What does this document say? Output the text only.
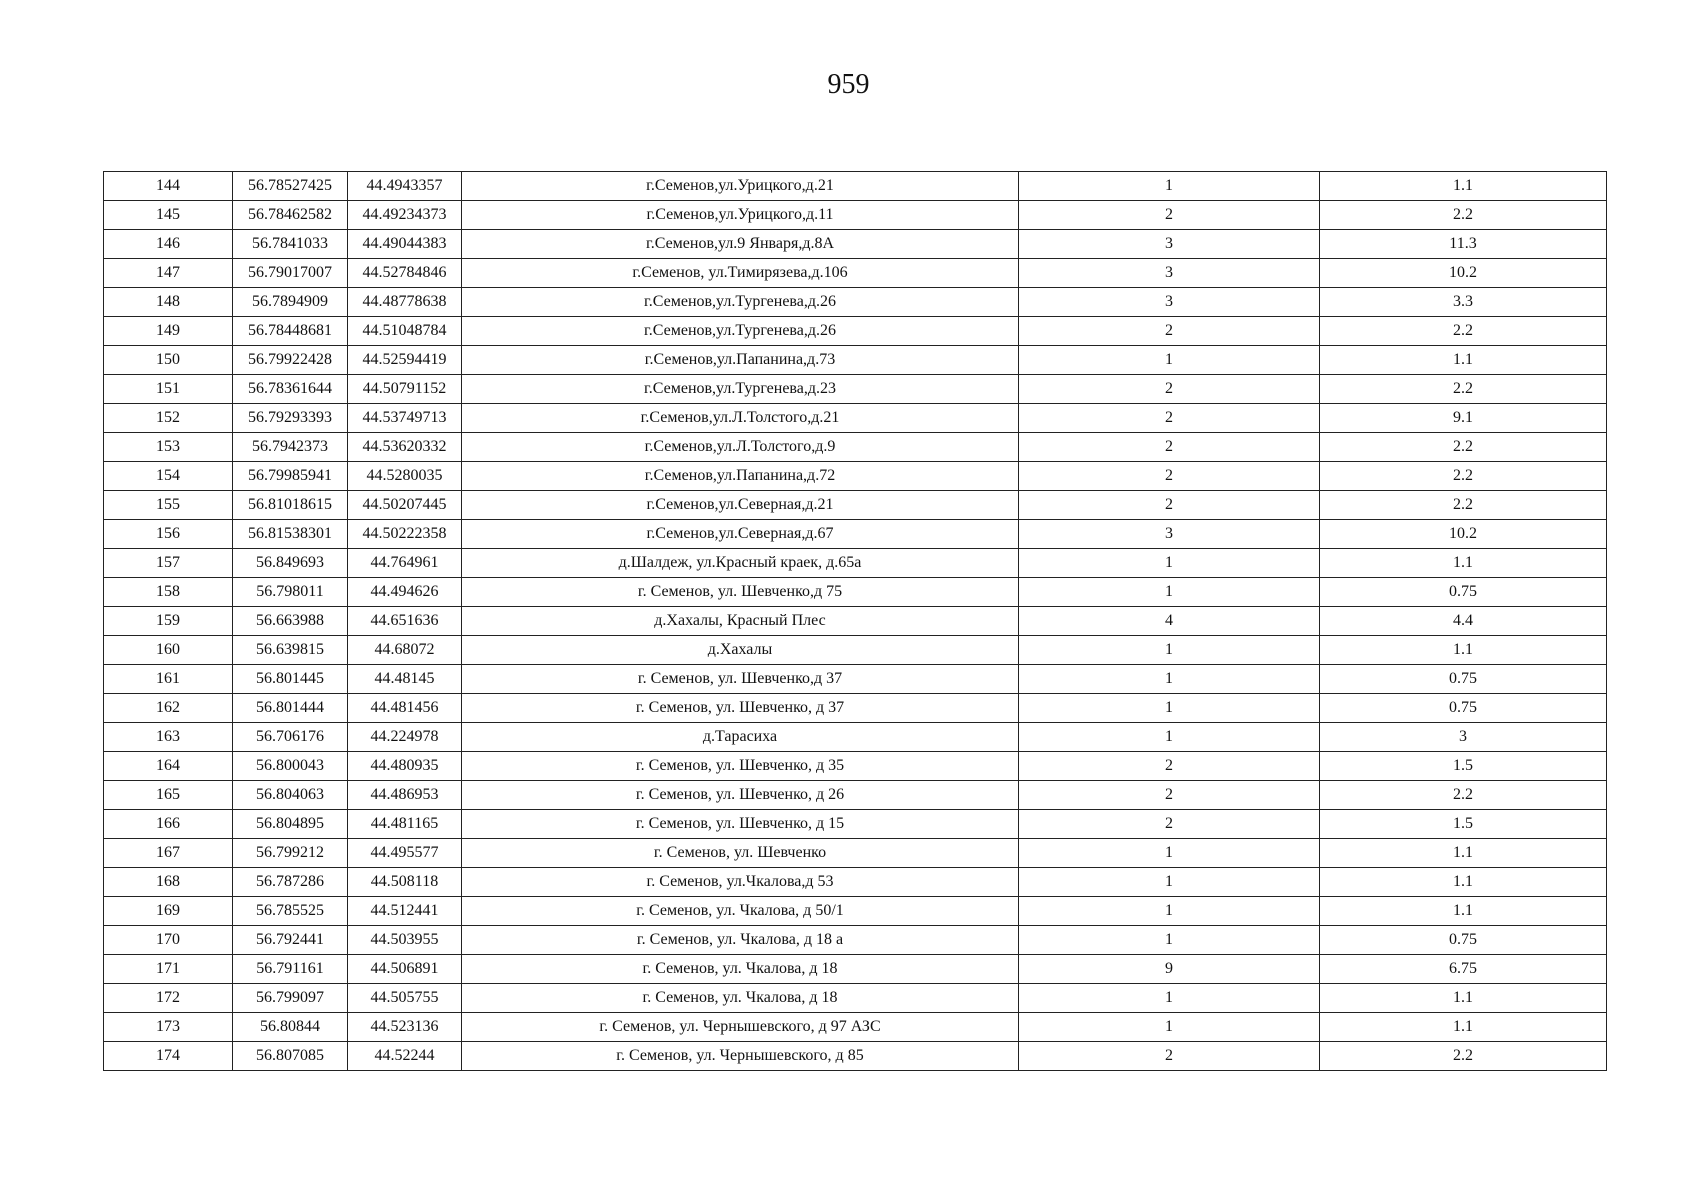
959
144	56.78527425	44.4943357	г.Семенов,ул.Урицкого,д.21	1	1.1
145	56.78462582	44.49234373	г.Семенов,ул.Урицкого,д.11	2	2.2
146	56.7841033	44.49044383	г.Семенов,ул.9 Января,д.8А	3	11.3
147	56.79017007	44.52784846	г.Семенов, ул.Тимирязева,д.106	3	10.2
148	56.7894909	44.48778638	г.Семенов,ул.Тургенева,д.26	3	3.3
149	56.78448681	44.51048784	г.Семенов,ул.Тургенева,д.26	2	2.2
150	56.79922428	44.52594419	г.Семенов,ул.Папанина,д.73	1	1.1
151	56.78361644	44.50791152	г.Семенов,ул.Тургенева,д.23	2	2.2
152	56.79293393	44.53749713	г.Семенов,ул.Л.Толстого,д.21	2	9.1
153	56.7942373	44.53620332	г.Семенов,ул.Л.Толстого,д.9	2	2.2
154	56.79985941	44.5280035	г.Семенов,ул.Папанина,д.72	2	2.2
155	56.81018615	44.50207445	г.Семенов,ул.Северная,д.21	2	2.2
156	56.81538301	44.50222358	г.Семенов,ул.Северная,д.67	3	10.2
157	56.849693	44.764961	д.Шалдеж, ул.Красный краек, д.65а	1	1.1
158	56.798011	44.494626	г. Семенов, ул. Шевченко,д 75	1	0.75
159	56.663988	44.651636	д.Хахалы, Красный Плес	4	4.4
160	56.639815	44.68072	д.Хахалы	1	1.1
161	56.801445	44.48145	г. Семенов, ул. Шевченко,д 37	1	0.75
162	56.801444	44.481456	г. Семенов, ул. Шевченко, д 37	1	0.75
163	56.706176	44.224978	д.Тарасиха	1	3
164	56.800043	44.480935	г. Семенов, ул. Шевченко, д 35	2	1.5
165	56.804063	44.486953	г. Семенов, ул. Шевченко, д 26	2	2.2
166	56.804895	44.481165	г. Семенов, ул. Шевченко, д 15	2	1.5
167	56.799212	44.495577	г. Семенов, ул. Шевченко	1	1.1
168	56.787286	44.508118	г. Семенов, ул.Чкалова,д 53	1	1.1
169	56.785525	44.512441	г. Семенов, ул. Чкалова, д 50/1	1	1.1
170	56.792441	44.503955	г. Семенов, ул. Чкалова, д 18 а	1	0.75
171	56.791161	44.506891	г. Семенов, ул. Чкалова, д 18	9	6.75
172	56.799097	44.505755	г. Семенов, ул. Чкалова, д 18	1	1.1
173	56.80844	44.523136	г. Семенов, ул. Чернышевского, д 97 АЗС	1	1.1
174	56.807085	44.52244	г. Семенов, ул. Чернышевского, д 85	2	2.2
